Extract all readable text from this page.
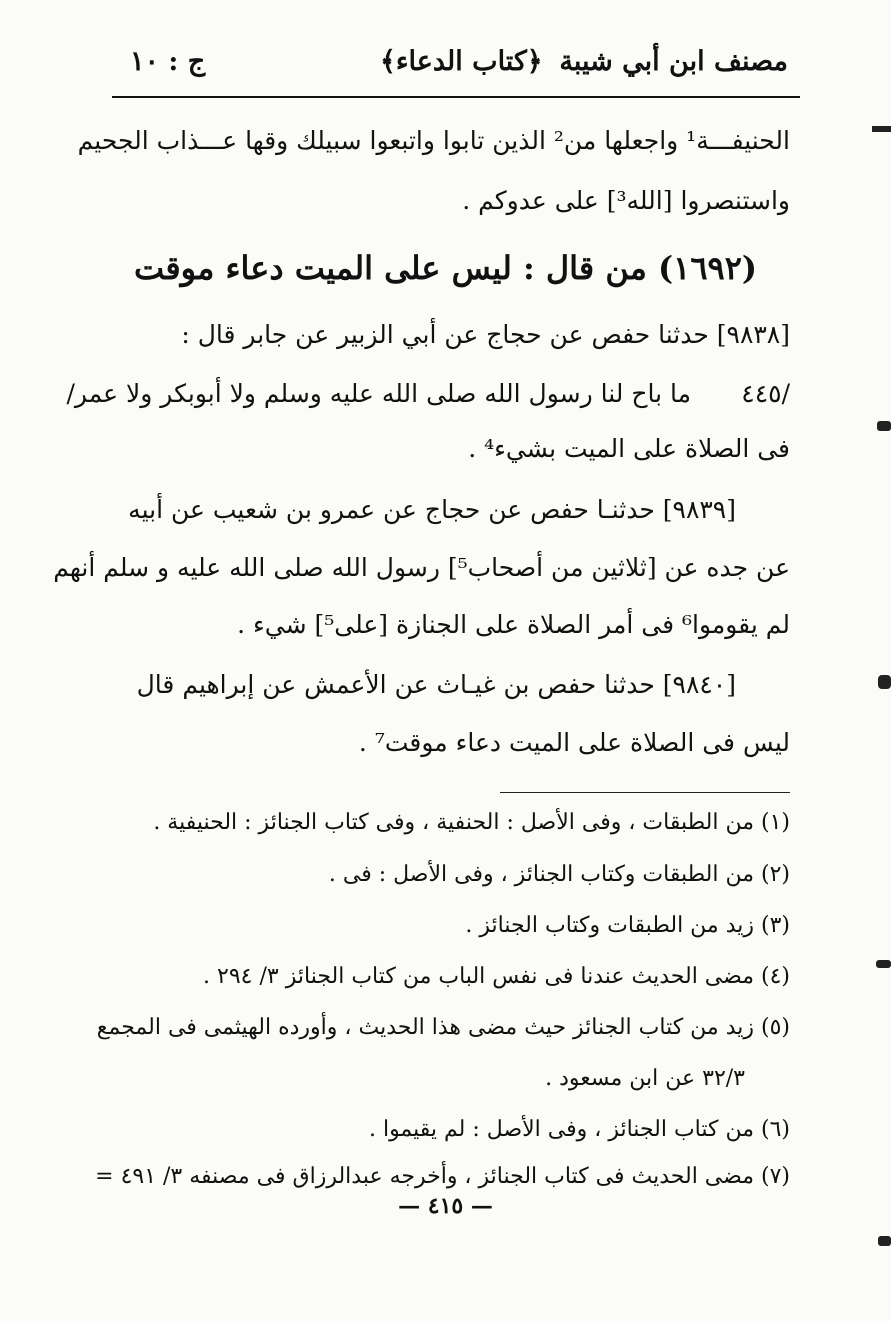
مصنف ابن أبي شيبة
﴿كتاب الدعاء﴾
ج : ١٠
الحنيفـــة¹ واجعلها من² الذين تابوا واتبعوا سبيلك وقها عـــذاب الجحيم
واستنصروا [الله³] على عدوكم .
(١٦٩٢) من قال : ليس على الميت دعاء موقت
[٩٨٣٨] حدثنا حفص عن حجاج عن أبي الزبير عن جابر قال :
٤٤٥/
ما باح لنا رسول الله صلى الله عليه وسلم ولا أبوبكر ولا عمر/
فى الصلاة على الميت بشيء⁴ .
[٩٨٣٩] حدثنـا حفص عن حجاج عن عمرو بن شعيب عن أبيه
عن جده عن [ثلاثين من أصحاب⁵] رسول الله صلى الله عليه و سلم أنهم
لم يقوموا⁶ فى أمر الصلاة على الجنازة [على⁵] شيء .
[٩٨٤٠] حدثنا حفص بن غيـاث عن الأعمش عن إبراهيم قال
ليس فى الصلاة على الميت دعاء موقت⁷ .
(١) من الطبقات ، وفى الأصل : الحنفية ، وفى كتاب الجنائز : الحنيفية .
(٢) من الطبقات وكتاب الجنائز ، وفى الأصل : فى .
(٣) زيد من الطبقات وكتاب الجنائز .
(٤) مضى الحديث عندنا فى نفس الباب من كتاب الجنائز ٣/ ٢٩٤ .
(٥) زيد من كتاب الجنائز حيث مضى هذا الحديث ، وأورده الهيثمى فى المجمع
٣٢/٣ عن ابن مسعود .
(٦) من كتاب الجنائز ، وفى الأصل : لم يقيموا .
(٧) مضى الحديث فى كتاب الجنائز ، وأخرجه عبدالرزاق فى مصنفه ٣/ ٤٩١ =
— ٤١٥ —
